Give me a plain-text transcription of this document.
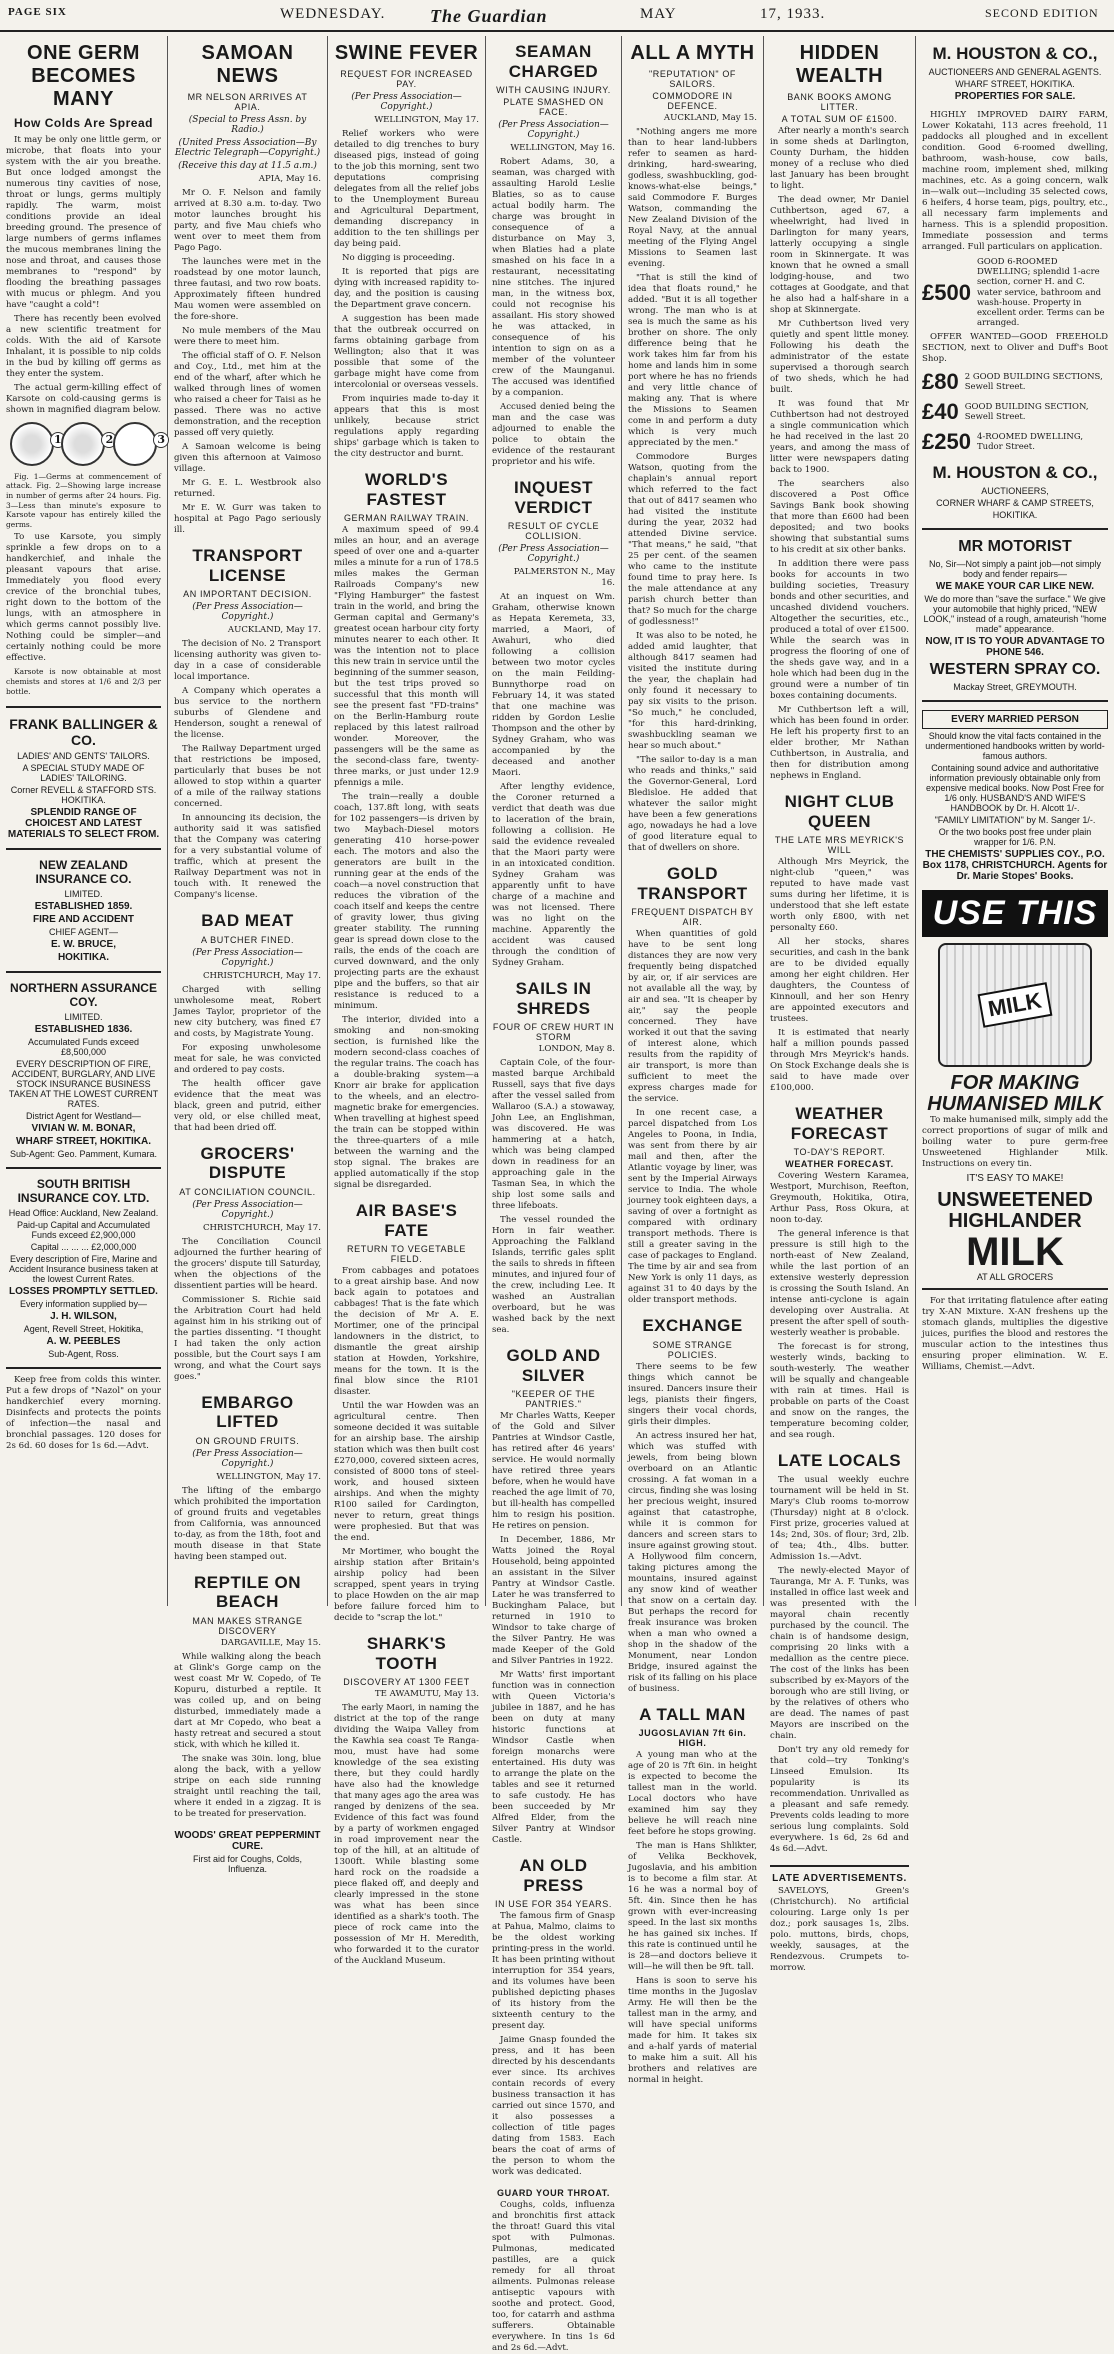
PAGE SIX	WEDNESDAY. The Guardian	MAY	17, 1933.	SECOND EDITION
ONE GERM BECOMES MANY
How Colds Are Spread

It may be only one little germ, or microbe, that floats into your system with the air you breathe. But once lodged amongst the numerous tiny cavities of nose, throat or lungs, germs multiply rapidly. The warm, moist conditions provide an ideal breeding ground. The presence of large numbers of germs inflames the mucous membranes lining the nose and throat, and causes those membranes to "respond" by flooding the breathing passages with mucus or phlegm. And you have "caught a cold"!

There has recently been evolved a new scientific treatment for colds. With the aid of Karsote Inhalant, it is possible to nip colds in the bud by killing off germs as they enter the system.

The actual germ-killing effect of Karsote on cold-causing germs is shown in magnified diagram below.

1	2	3

Fig. 1—Germs at commencement of attack. Fig. 2—Showing large increase in number of germs after 24 hours. Fig. 3—Less than minute's exposure to Karsote vapour has entirely killed the germs.

To use Karsote, you simply sprinkle a few drops on to a handkerchief, and inhale the pleasant vapours that arise. Immediately you flood every crevice of the bronchial tubes, right down to the bottom of the lungs, with an atmosphere in which germs cannot possibly live. Nothing could be simpler—and certainly nothing could be more effective.

Karsote is now obtainable at most chemists and stores at 1/6 and 2/3 per bottle.

FRANK BALLINGER & CO.
LADIES' AND GENTS' TAILORS.
A SPECIAL STUDY MADE OF LADIES' TAILORING.
Corner REVELL & STAFFORD STS. HOKITIKA.
SPLENDID RANGE OF CHOICEST AND LATEST MATERIALS TO SELECT FROM.
NEW ZEALAND INSURANCE CO.
LIMITED.
ESTABLISHED 1859.
FIRE AND ACCIDENT
CHIEF AGENT—
E. W. BRUCE,
HOKITIKA.
NORTHERN ASSURANCE COY.
LIMITED.
ESTABLISHED 1836.
Accumulated Funds exceed £8,500,000
EVERY DESCRIPTION OF FIRE, ACCIDENT, BURGLARY, AND LIVE STOCK INSURANCE BUSINESS TAKEN AT THE LOWEST CURRENT RATES.
District Agent for Westland—
VIVIAN W. M. BONAR,
WHARF STREET, HOKITIKA.
Sub-Agent: Geo. Pamment, Kumara.
SOUTH BRITISH INSURANCE COY. LTD.
Head Office: Auckland, New Zealand.
Paid-up Capital and Accumulated Funds exceed £2,900,000
Capital ... ... ... £2,000,000
Every description of Fire, Marine and Accident Insurance business taken at the lowest Current Rates.
LOSSES PROMPTLY SETTLED.
Every information supplied by—
J. H. WILSON,
Agent, Revell Street, Hokitika,
A. W. PEEBLES
Sub-Agent, Ross.

Keep free from colds this winter. Put a few drops of "Nazol" on your handkerchief every morning. Disinfects and protects the points of infection—the nasal and bronchial passages. 120 doses for 2s 6d. 60 doses for 1s 6d.—Advt.

SAMOAN NEWS
MR NELSON ARRIVES AT APIA.
(Special to Press Assn. by Radio.)
(United Press Association—By Electric Telegraph—Copyright.)
(Receive this day at 11.5 a.m.)

APIA, May 16.

Mr O. F. Nelson and family arrived at 8.30 a.m. to-day. Two motor launches brought his party, and five Mau chiefs who went over to meet them from Pago Pago.

The launches were met in the roadstead by one motor launch, three fautasi, and two row boats. Approximately fifteen hundred Mau women were assembled on the fore-shore.

No mule members of the Mau were there to meet him.

The official staff of O. F. Nelson and Coy., Ltd., met him at the end of the wharf, after which he walked through lines of women who raised a cheer for Taisi as he passed. There was no active demonstration, and the reception passed off very quietly.

A Samoan welcome is being given this afternoon at Vaimoso village.

Mr G. E. L. Westbrook also returned.

Mr E. W. Gurr was taken to hospital at Pago Pago seriously ill.

TRANSPORT LICENSE
AN IMPORTANT DECISION.
(Per Press Association—Copyright.)

AUCKLAND, May 17.

The decision of No. 2 Transport licensing authority was given to-day in a case of considerable local importance.

A Company which operates a bus service to the northern suburbs of Glendene and Henderson, sought a renewal of the license.

The Railway Department urged that restrictions be imposed, particularly that buses be not allowed to stop within a quarter of a mile of the railway stations concerned.

In announcing its decision, the authority said it was satisfied that the Company was catering for a very substantial volume of traffic, which at present the Railway Department was not in touch with. It renewed the Company's license.

BAD MEAT
A BUTCHER FINED.
(Per Press Association—Copyright.)

CHRISTCHURCH, May 17.

Charged with selling unwholesome meat, Robert James Taylor, proprietor of the new city butchery, was fined £7 and costs, by Magistrate Young.

For exposing unwholesome meat for sale, he was convicted and ordered to pay costs.

The health officer gave evidence that the meat was black, green and putrid, either very old, or else chilled meat, that had been dried off.

GROCERS' DISPUTE
AT CONCILIATION COUNCIL.
(Per Press Association—Copyright.)

CHRISTCHURCH, May 17.

The Conciliation Council adjourned the further hearing of the grocers' dispute till Saturday, when the objections of the dissentient parties will be heard.

Commissioner S. Richie said the Arbitration Court had held against him in his striking out of the parties dissenting. "I thought I had taken the only action possible, but the Court says I am wrong, and what the Court says goes."

EMBARGO LIFTED
ON GROUND FRUITS.
(Per Press Association—Copyright.)

WELLINGTON, May 17.

The lifting of the embargo which prohibited the importation of ground fruits and vegetables from California, was announced to-day, as from the 18th, foot and mouth disease in that State having been stamped out.

REPTILE ON BEACH
MAN MAKES STRANGE DISCOVERY

DARGAVILLE, May 15.

While walking along the beach at Glink's Gorge camp on the west coast Mr W. Copedo, of Te Kopuru, disturbed a reptile. It was coiled up, and on being disturbed, immediately made a dart at Mr Copedo, who beat a hasty retreat and secured a stout stick, with which he killed it.

The snake was 30in. long, blue along the back, with a yellow stripe on each side running straight until reaching the tail, where it ended in a zigzag. It is to be treated for preservation.

WOODS' GREAT PEPPERMINT CURE.
First aid for Coughs, Colds, Influenza.
SWINE FEVER
REQUEST FOR INCREASED PAY.
(Per Press Association—Copyright.)

WELLINGTON, May 17.

Relief workers who were detailed to dig trenches to bury diseased pigs, instead of going to the job this morning, sent two deputations comprising delegates from all the relief jobs to the Unemployment Bureau and Agricultural Department, demanding discrepancy in addition to the ten shillings per day being paid.

No digging is proceeding.

It is reported that pigs are dying with increased rapidity to-day, and the position is causing the Department grave concern.

A suggestion has been made that the outbreak occurred on farms obtaining garbage from Wellington; also that it was possible that some of the garbage might have come from intercolonial or overseas vessels.

From inquiries made to-day it appears that this is most unlikely, because strict regulations apply regarding ships' garbage which is taken to the city destructor and burnt.

WORLD'S FASTEST
GERMAN RAILWAY TRAIN.

A maximum speed of 99.4 miles an hour, and an average speed of over one and a-quarter miles a minute for a run of 178.5 miles makes the German Railroads Company's new "Flying Hamburger" the fastest train in the world, and bring the German capital and Germany's greatest ocean harbour city forty minutes nearer to each other. It was the intention not to place this new train in service until the beginning of the summer season, but the test trips proved so successful that this month will see the present fast "FD-trains" on the Berlin-Hamburg route replaced by this latest railroad wonder. Moreover, the passengers will be the same as the second-class fare, twenty-three marks, or just under 12.9 pfennigs a mile.

The train—really a double coach, 137.8ft long, with seats for 102 passengers—is driven by two Maybach-Diesel motors generating 410 horse-power each. The motors and also the generators are built in the running gear at the ends of the coach—a novel construction that reduces the vibration of the coach itself and keeps the centre of gravity lower, thus giving greater stability. The running gear is spread down close to the rails, the ends of the coach are curved downward, and the only projecting parts are the exhaust pipe and the buffers, so that air resistance is reduced to a minimum.

The interior, divided into a smoking and non-smoking section, is furnished like the modern second-class coaches of the regular trains. The coach has a double-braking system—a Knorr air brake for application to the wheels, and an electro-magnetic brake for emergencies. When travelling at highest speed the train can be stopped within the three-quarters of a mile between the warning and the stop signal. The brakes are applied automatically if the stop signal be disregarded.

AIR BASE'S FATE
RETURN TO VEGETABLE FIELD.

From cabbages and potatoes to a great airship base. And now back again to potatoes and cabbages! That is the fate which the decision of Mr A. E. Mortimer, one of the principal landowners in the district, to dismantle the great airship station at Howden, Yorkshire, means for the town. It is the final blow since the R101 disaster.

Until the war Howden was an agricultural centre. Then someone decided it was suitable for an airship base. The airship station which was then built cost £270,000, covered sixteen acres, consisted of 8000 tons of steel-work, and housed sixteen airships. And when the mighty R100 sailed for Cardington, never to return, great things were prophesied. But that was the end.

Mr Mortimer, who bought the airship station after Britain's airship policy had been scrapped, spent years in trying to place Howden on the air map before failure forced him to decide to "scrap the lot."

SHARK'S TOOTH
DISCOVERY AT 1300 FEET

TE AWAMUTU, May 13.

The early Maori, in naming the district at the top of the range dividing the Waipa Valley from the Kawhia sea coast Te Ranga-mou, must have had some knowledge of the sea existing there, but they could hardly have also had the knowledge that many ages ago the area was ranged by denizens of the sea. Evidence of this fact was found by a party of workmen engaged in road improvement near the top of the hill, at an altitude of 1300ft. While blasting some hard rock on the roadside a piece flaked off, and deeply and clearly impressed in the stone was what has been since identified as a shark's tooth. The piece of rock came into the possession of Mr H. Meredith, who forwarded it to the curator of the Auckland Museum.

SEAMAN CHARGED
WITH CAUSING INJURY.
PLATE SMASHED ON FACE.
(Per Press Association—Copyright.)

WELLINGTON, May 16.

Robert Adams, 30, a seaman, was charged with assaulting Harold Leslie Blaties, so as to cause actual bodily harm. The charge was brought in consequence of a disturbance on May 3, when Blaties had a plate smashed on his face in a restaurant, necessitating nine stitches. The injured man, in the witness box, could not recognise his assailant. His story showed he was attacked, in consequence of his intention to sign on as a member of the volunteer crew of the Maunganui. The accused was identified by a companion.

Accused denied being the man and the case was adjourned to enable the police to obtain the evidence of the restaurant proprietor and his wife.

INQUEST VERDICT
RESULT OF CYCLE COLLISION.
(Per Press Association—Copyright.)

PALMERSTON N., May 16.

At an inquest on Wm. Graham, otherwise known as Hepata Keremeta, 33, married, a Maori, of Awahuri, who died following a collision between two motor cycles on the main Feilding-Bunnythorpe road on February 14, it was stated that one machine was ridden by Gordon Leslie Thompson and the other by Sydney Graham, who was accompanied by the deceased and another Maori.

After lengthy evidence, the Coroner returned a verdict that death was due to laceration of the brain, following a collision. He said the evidence revealed that the Maori party were in an intoxicated condition. Sydney Graham was apparently unfit to have charge of a machine and was not licensed. There was no light on the machine. Apparently the accident was caused through the condition of Sydney Graham.

SAILS IN SHREDS
FOUR OF CREW HURT IN STORM

LONDON, May 8.

Captain Cole, of the four-masted barque Archibald Russell, says that five days after the vessel sailed from Wallaroo (S.A.) a stowaway, John Lee, an Englishman, was discovered. He was hammering at a hatch, which was being clamped down in readiness for an approaching gale in the Tasman Sea, in which the ship lost some sails and three lifeboats.

The vessel rounded the Horn in fair weather. Approaching the Falkland Islands, terrific gales split the sails to shreds in fifteen minutes, and injured four of the crew, including Lee. It washed an Australian overboard, but he was washed back by the next sea.

GOLD AND SILVER
"KEEPER OF THE PANTRIES."

Mr Charles Watts, Keeper of the Gold and Silver Pantries at Windsor Castle, has retired after 46 years' service. He would normally have retired three years before, when he would have reached the age limit of 70, but ill-health has compelled him to resign his position. He retires on pension.

In December, 1886, Mr Watts joined the Royal Household, being appointed an assistant in the Silver Pantry at Windsor Castle. Later he was transferred to Buckingham Palace, but returned in 1910 to Windsor to take charge of the Silver Pantry. He was made Keeper of the Gold and Silver Pantries in 1922.

Mr Watts' first important function was in connection with Queen Victoria's jubilee in 1887, and he has been on duty at many historic functions at Windsor Castle when foreign monarchs were entertained. His duty was to arrange the plate on the tables and see it returned to safe custody. He has been succeeded by Mr Alfred Elder, from the Silver Pantry at Windsor Castle.

AN OLD PRESS
IN USE FOR 354 YEARS.

The famous firm of Gnasp at Pahua, Malmo, claims to be the oldest working printing-press in the world. It has been printing without interruption for 354 years, and its volumes have been published depicting phases of its history from the sixteenth century to the present day.

Jaime Gnasp founded the press, and it has been directed by his descendants ever since. Its archives contain records of every business transaction it has carried out since 1570, and it also possesses a collection of title pages dating from 1583. Each bears the coat of arms of the person to whom the work was dedicated.

GUARD YOUR THROAT.

Coughs, colds, influenza and bronchitis first attack the throat! Guard this vital spot with Pulmonas. Pulmonas, medicated pastilles, are a quick remedy for all throat ailments. Pulmonas release antiseptic vapours with soothe and protect. Good, too, for catarrh and asthma sufferers. Obtainable everywhere. In tins 1s 6d and 2s 6d.—Advt.

ALL A MYTH
"REPUTATION" OF SAILORS.
COMMODORE IN DEFENCE.

AUCKLAND, May 15.

"Nothing angers me more than to hear land-lubbers refer to seamen as hard-drinking, hard-swearing, godless, swashbuckling, god-knows-what-else beings," said Commodore F. Burges Watson, commanding the New Zealand Division of the Royal Navy, at the annual meeting of the Flying Angel Missions to Seamen last evening.

"That is still the kind of idea that floats round," he added. "But it is all together wrong. The man who is at sea is much the same as his brother on shore. The only difference being that he work takes him far from his home and lands him in some port where he has no friends and very little chance of making any. That is where the Missions to Seamen come in and perform a duty which is very much appreciated by the men."

Commodore Burges Watson, quoting from the chaplain's annual report which referred to the fact that out of 8417 seamen who had visited the institute during the year, 2032 had attended Divine service. "That means," he said, "that 25 per cent. of the seamen who came to the institute found time to pray here. Is the male attendance at any parish church better than that? So much for the charge of godlessness!"

It was also to be noted, he added amid laughter, that although 8417 seamen had visited the institute during the year, the chaplain had only found it necessary to pay six visits to the prison. "So much," he concluded, "for this hard-drinking, swashbuckling seaman we hear so much about."

"The sailor to-day is a man who reads and thinks," said the Governor-General, Lord Bledisloe. He added that whatever the sailor might have been a few generations ago, nowadays he had a love of good literature equal to that of dwellers on shore.

GOLD TRANSPORT
FREQUENT DISPATCH BY AIR.

When quantities of gold have to be sent long distances they are now very frequently being dispatched by air, or, if air services are not available all the way, by air and sea. "It is cheaper by air," say the people concerned. They have worked it out that the saving of interest alone, which results from the rapidity of air transport, is more than sufficient to meet the express charges made for the service.

In one recent case, a parcel dispatched from Los Angeles to Poona, in India, was sent from there by air mail and then, after the Atlantic voyage by liner, was sent by the Imperial Airways service to India. The whole journey took eighteen days, a saving of over a fortnight as compared with ordinary transport methods. There is still a greater saving in the case of packages to England. The time by air and sea from New York is only 11 days, as against 31 to 40 days by the older transport methods.

EXCHANGE
SOME STRANGE POLICIES.

There seems to be few things which cannot be insured. Dancers insure their legs, pianists their fingers, singers their vocal chords, girls their dimples.

An actress insured her hat, which was stuffed with jewels, from being blown overboard on an Atlantic crossing. A fat woman in a circus, finding she was losing her precious weight, insured against that catastrophe, while it is common for dancers and screen stars to insure against growing stout. A Hollywood film concern, taking pictures among the mountains, insured against any snow kind of weather that snow on a certain day. But perhaps the record for freak insurance was broken when a man who owned a shop in the shadow of the Monument, near London Bridge, insured against the risk of its falling on his place of business.

A TALL MAN
JUGOSLAVIAN 7ft 6in. HIGH.

A young man who at the age of 20 is 7ft 6in. in height is expected to become the tallest man in the world. Local doctors who have examined him say they believe he will reach nine feet before he stops growing.

The man is Hans Shlikter, of Velika Beckhovek, Jugoslavia, and his ambition is to become a film star. At 16 he was a normal boy of 5ft. 4in. Since then he has grown with ever-increasing speed. In the last six months he has gained six inches. If this rate is continued until he is 28—and doctors believe it will—he will then be 9ft. tall.

Hans is soon to serve his time months in the Jugoslav Army. He will then be the tallest man in the army, and will have special uniforms made for him. It takes six and a-half yards of material to make him a suit. All his brothers and relatives are normal in height.

HIDDEN WEALTH
BANK BOOKS AMONG LITTER.
A TOTAL SUM OF £1500.

After nearly a month's search in some sheds at Darlington, County Durham, the hidden money of a recluse who died last January has been brought to light.

The dead owner, Mr Daniel Cuthbertson, aged 67, a wheelwright, had lived in Darlington for many years, latterly occupying a single room in Skinnergate. It was known that he owned a small lodging-house, and two cottages at Goodgate, and that he also had a half-share in a shop at Skinnergate.

Mr Cuthbertson lived very quietly and spent little money. Following his death the administrator of the estate supervised a thorough search of two sheds, which he had built.

It was found that Mr Cuthbertson had not destroyed a single communication which he had received in the last 20 years, and among the mass of litter were newspapers dating back to 1900.

The searchers also discovered a Post Office Savings Bank book showing that more than £600 had been deposited; and two books showing that substantial sums to his credit at six other banks.

In addition there were pass books for accounts in two building societies, Treasury bonds and other securities, and uncashed dividend vouchers. Altogether the securities, etc., produced a total of over £1500. While the search was in progress the flooring of one of the sheds gave way, and in a hole which had been dug in the ground were a number of tin boxes containing documents.

Mr Cuthbertson left a will, which has been found in order. He left his property first to an elder brother, Mr Nathan Cuthbertson, in Australia, and then for distribution among nephews in England.

NIGHT CLUB QUEEN
THE LATE MRS MEYRICK'S WILL

Although Mrs Meyrick, the night-club "queen," was reputed to have made vast sums during her lifetime, it is understood that she left estate worth only £800, with net personalty £60.

All her stocks, shares securities, and cash in the bank are to be divided equally among her eight children. Her daughters, the Countess of Kinnoull, and her son Henry are appointed executors and trustees.

It is estimated that nearly half a million pounds passed through Mrs Meyrick's hands. On Stock Exchange deals she is said to have made over £100,000.

WEATHER FORECAST
TO-DAY'S REPORT.
WEATHER FORECAST.

Covering Western Karamea, Westport, Murchison, Reefton, Greymouth, Hokitika, Otira, Arthur Pass, Ross Okura, at noon to-day.

The general inference is that pressure is still high to the north-east of New Zealand, while the last portion of an extensive westerly depression is crossing the South Island. An intense anti-cyclone is again developing over Australia. At present the after spell of south-westerly weather is probable.

The forecast is for strong, westerly winds, backing to south-westerly. The weather will be squally and changeable with rain at times. Hail is probable on parts of the Coast and snow on the ranges, the temperature becoming colder, and sea rough.

LATE LOCALS

The usual weekly euchre tournament will be held in St. Mary's Club rooms to-morrow (Thursday) night at 8 o'clock. First prize, groceries valued at 14s; 2nd, 30s. of flour; 3rd, 2lb. of tea; 4th., 4lbs. butter. Admission 1s.—Advt.

The newly-elected Mayor of Tauranga, Mr A. F. Tunks, was installed in office last week and was presented with the mayoral chain recently purchased by the council. The chain is of handsome design, comprising 20 links with a medallion as the centre piece. The cost of the links has been subscribed by ex-Mayors of the borough who are still living, or by the relatives of others who are dead. The names of past Mayors are inscribed on the chain.

Don't try any old remedy for that cold—try Tonking's Linseed Emulsion. Its popularity is its recommendation. Unrivalled as a pleasant and safe remedy. Prevents colds leading to more serious lung complaints. Sold everywhere. 1s 6d, 2s 6d and 4s 6d.—Advt.

LATE ADVERTISEMENTS.

SAVELOYS, Green's (Christchurch). No artificial colouring. Large only 1s per doz.; pork sausages 1s, 2lbs. polo. muttons, birds, chops, weekly, sausages, at the Rendezvous. Crumpets to-morrow.

M. HOUSTON & CO.,
AUCTIONEERS AND GENERAL AGENTS.
WHARF STREET, HOKITIKA.
PROPERTIES FOR SALE.

HIGHLY IMPROVED DAIRY FARM, Lower Kokatahi, 113 acres freehold, 11 paddocks all ploughed and in excellent condition. Good 6-roomed dwelling, bathroom, wash-house, cow bails, machine room, implement shed, milking machines, etc. As a going concern, walk in—walk out—including 35 selected cows, 6 heifers, 4 horse team, pigs, poultry, etc., all necessary farm implements and harness. This is a splendid proposition. Immediate possession and terms arranged. Full particulars on application.

£500
GOOD 6-ROOMED DWELLING; splendid 1-acre section, corner H. and C. water service, bathroom and wash-house. Property in excellent order. Terms can be arranged.

OFFER WANTED—GOOD FREEHOLD SECTION, next to Oliver and Duff's Boot Shop.

£80 2 GOOD BUILDING SECTIONS, Sewell Street.
£40 GOOD BUILDING SECTION, Sewell Street.
£250 4-ROOMED DWELLING, Tudor Street.
M. HOUSTON & CO.,
AUCTIONEERS,
CORNER WHARF & CAMP STREETS,
HOKITIKA.
MR MOTORIST
No, Sir—Not simply a paint job—not simply body and fender repairs—
WE MAKE YOUR CAR LIKE NEW.
We do more than "save the surface." We give your automobile that highly priced, "NEW LOOK," instead of a rough, amateurish "home made" appearance.
NOW, IT IS TO YOUR ADVANTAGE TO PHONE 546.
WESTERN SPRAY CO.
Mackay Street, GREYMOUTH.
EVERY MARRIED PERSON
Should know the vital facts contained in the undermentioned handbooks written by world-famous authors.
Containing sound advice and authoritative information previously obtainable only from expensive medical books. Now Post Free for 1/6 only. HUSBAND'S AND WIFE'S HANDBOOK by Dr. H. Alcott 1/-.
"FAMILY LIMITATION" by M. Sanger 1/-.
Or the two books post free under plain wrapper for 1/6. P.N.
THE CHEMISTS' SUPPLIES COY., P.O. Box 1178, CHRISTCHURCH. Agents for Dr. Marie Stopes' Books.
USE THIS
MILK
FOR MAKING HUMANISED MILK

To make humanised milk, simply add the correct proportions of sugar of milk and boiling water to pure germ-free Unsweetened Highlander Milk. Instructions on every tin.

IT'S EASY TO MAKE!
UNSWEETENED HIGHLANDER
MILK
AT ALL GROCERS

For that irritating flatulence after eating try X-AN Mixture. X-AN freshens up the stomach glands, multiplies the digestive juices, purifies the blood and restores the muscular action to the intestines thus ensuring proper elimination. W. E. Williams, Chemist.—Advt.
